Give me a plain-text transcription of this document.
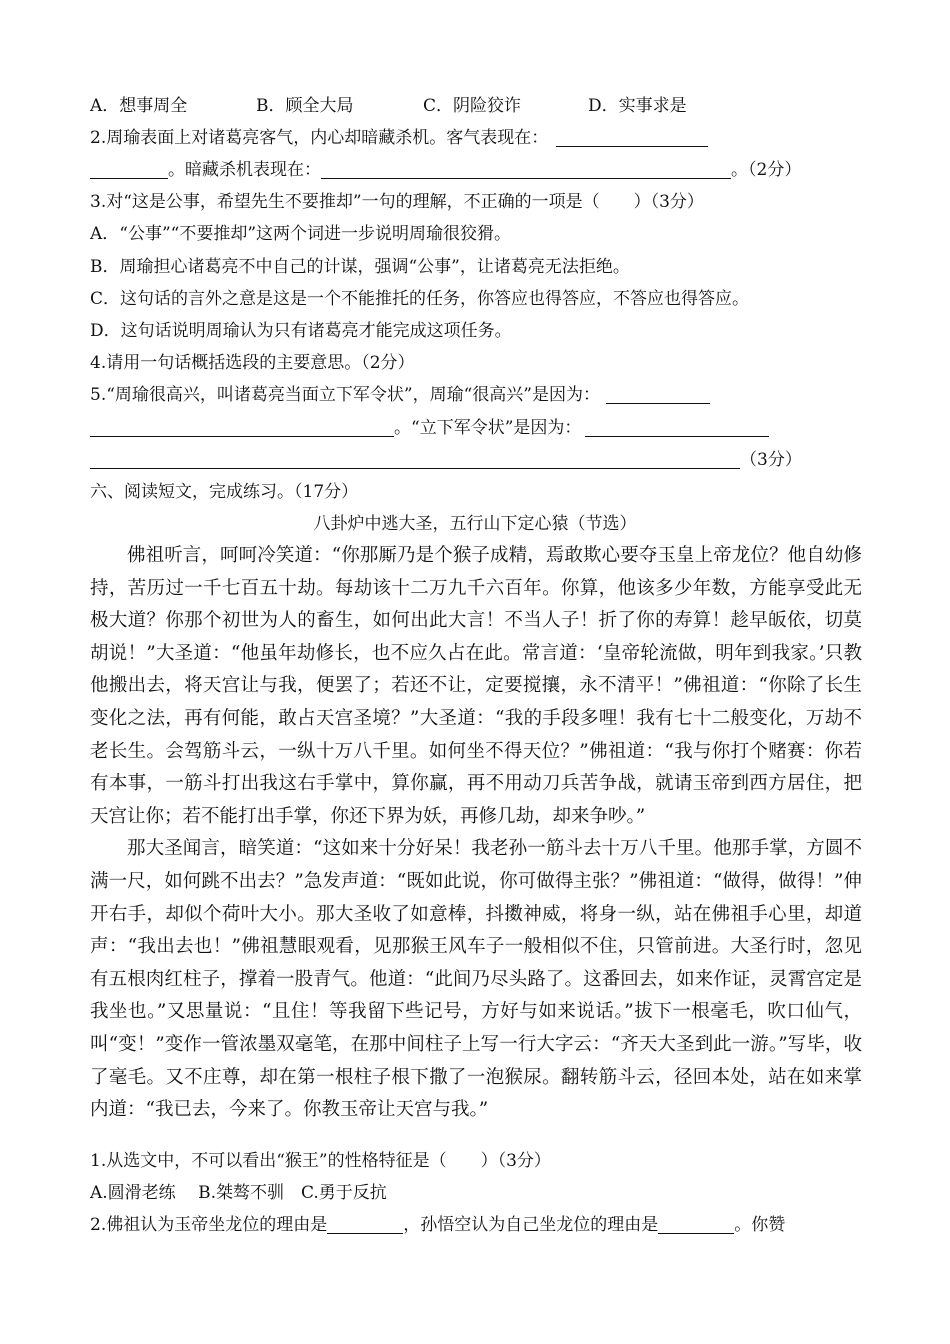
A．想事周全	B．顾全大局	C．阴险狡诈	D．实事求是
2.周瑜表面上对诸葛亮客气，内心却暗藏杀机。客气表现在：
。暗藏杀机表现在：	。（2分）
3.对“这是公事，希望先生不要推却”一句的理解，不正确的一项是（　　）（3分）
A．“公事”“不要推却”这两个词进一步说明周瑜很狡猾。
B．周瑜担心诸葛亮不中自己的计谋，强调“公事”，让诸葛亮无法拒绝。
C．这句话的言外之意是这是一个不能推托的任务，你答应也得答应，不答应也得答应。
D．这句话说明周瑜认为只有诸葛亮才能完成这项任务。
4.请用一句话概括选段的主要意思。（2分）
5.“周瑜很高兴，叫诸葛亮当面立下军令状”，周瑜“很高兴”是因为：
。“立下军令状”是因为：
（3分）
六、阅读短文，完成练习。（17分）
八卦炉中逃大圣，五行山下定心猿（节选）

佛祖听言，呵呵冷笑道：“你那厮乃是个猴子成精，焉敢欺心要夺玉皇上帝龙位？他自幼修持，苦历过一千七百五十劫。每劫该十二万九千六百年。你算，他该多少年数，方能享受此无极大道？你那个初世为人的畜生，如何出此大言！不当人子！折了你的寿算！趁早皈依，切莫胡说！”大圣道：“他虽年劫修长，也不应久占在此。常言道：‘皇帝轮流做，明年到我家。’只教他搬出去，将天宫让与我，便罢了；若还不让，定要搅攘，永不清平！”佛祖道：“你除了长生变化之法，再有何能，敢占天宫圣境？”大圣道：“我的手段多哩！我有七十二般变化，万劫不老长生。会驾筋斗云，一纵十万八千里。如何坐不得天位？”佛祖道：“我与你打个赌赛：你若有本事，一筋斗打出我这右手掌中，算你赢，再不用动刀兵苦争战，就请玉帝到西方居住，把天宫让你；若不能打出手掌，你还下界为妖，再修几劫，却来争吵。”

那大圣闻言，暗笑道：“这如来十分好呆！我老孙一筋斗去十万八千里。他那手掌，方圆不满一尺，如何跳不出去？”急发声道：“既如此说，你可做得主张？”佛祖道：“做得，做得！”伸开右手，却似个荷叶大小。那大圣收了如意棒，抖擞神威，将身一纵，站在佛祖手心里，却道声：“我出去也！”佛祖慧眼观看，见那猴王风车子一般相似不住，只管前进。大圣行时，忽见有五根肉红柱子，撑着一股青气。他道：“此间乃尽头路了。这番回去，如来作证，灵霄宫定是我坐也。”又思量说：“且住！等我留下些记号，方好与如来说话。”拔下一根毫毛，吹口仙气，叫“变！”变作一管浓墨双毫笔，在那中间柱子上写一行大字云：“齐天大圣到此一游。”写毕，收了毫毛。又不庄尊，却在第一根柱子根下撒了一泡猴尿。翻转筋斗云，径回本处，站在如来掌内道：“我已去，今来了。你教玉帝让天宫与我。”

1.从选文中，不可以看出“猴王”的性格特征是（　　）（3分）
A.圆滑老练　 B.桀骜不驯　C.勇于反抗
2.佛祖认为玉帝坐龙位的理由是	，孙悟空认为自己坐龙位的理由是	。你赞
